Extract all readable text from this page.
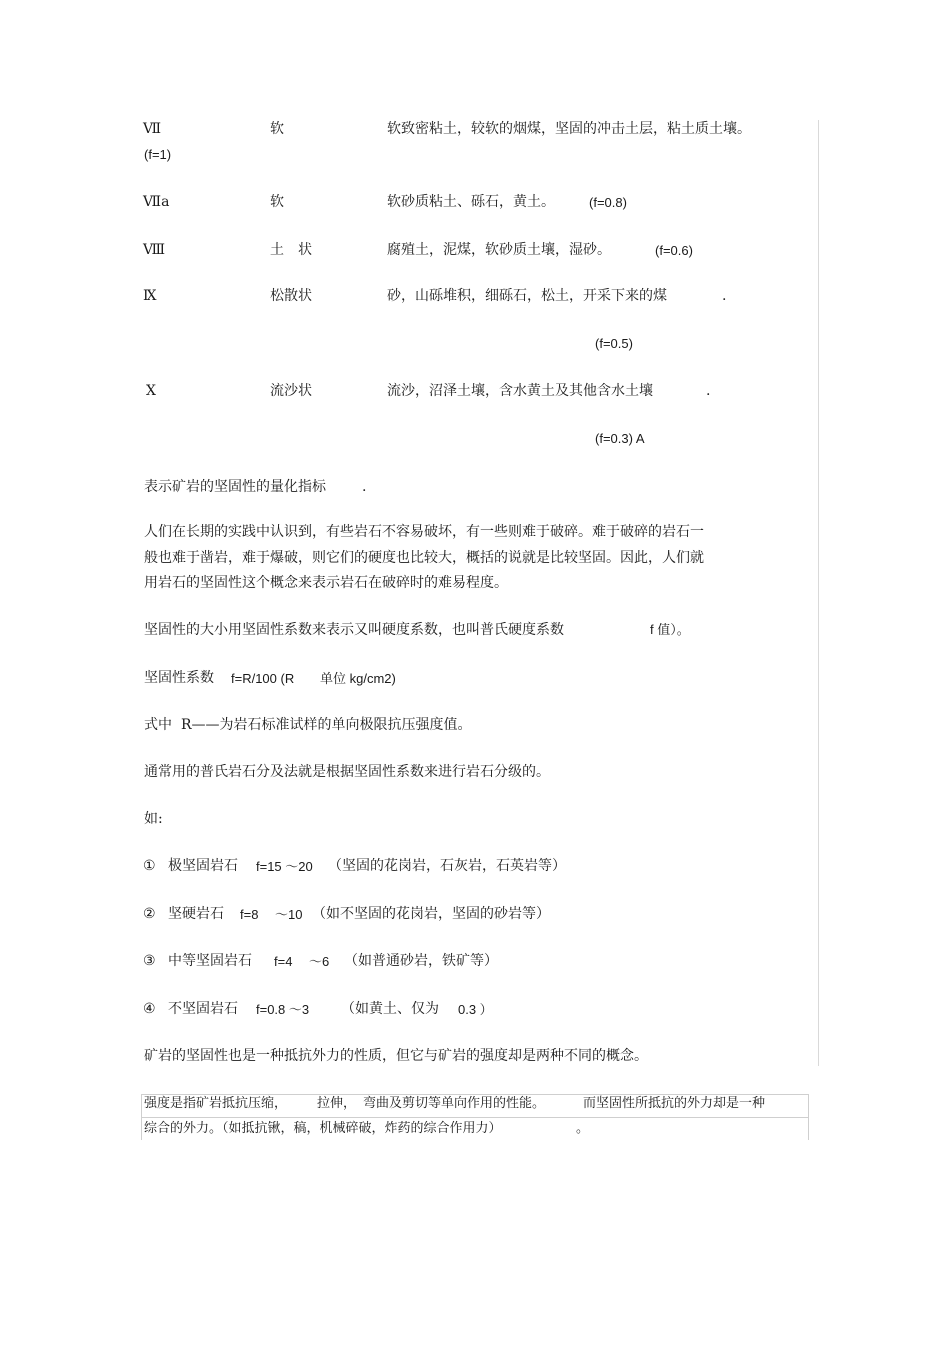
Ⅶ	软	软致密粘土，较软的烟煤，坚固的冲击土层，粘土质土壤。
(f=1)
Ⅶa	软	软砂质粘土、砾石，黄土。	(f=0.8)
Ⅷ	土　状	腐殖土，泥煤，软砂质土壤，湿砂。	(f=0.6)
Ⅸ	松散状	砂，山砾堆积，细砾石，松土，开采下来的煤	.
(f=0.5)
Ⅹ	流沙状	流沙，沼泽土壤，含水黄土及其他含水土壤	.
(f=0.3) A
表示矿岩的坚固性的量化指标	.
人们在长期的实践中认识到，有些岩石不容易破坏，有一些则难于破碎。难于破碎的岩石一
般也难于凿岩，难于爆破，则它们的硬度也比较大，概括的说就是比较坚固。因此，人们就
用岩石的坚固性这个概念来表示岩石在破碎时的难易程度。
坚固性的大小用坚固性系数来表示又叫硬度系数，也叫普氏硬度系数	f 值）。
坚固性系数 f=R/100 (R 单位 kg/cm2)
式中 R——为岩石标准试样的单向极限抗压强度值。
通常用的普氏岩石分及法就是根据坚固性系数来进行岩石分级的。
如:
① 极坚固岩石 f=15 ～20 （坚固的花岗岩，石灰岩，石英岩等）
② 坚硬岩石 f=8 　～10 （如不坚固的花岗岩，坚固的砂岩等）
③ 中等坚固岩石 f=4 　～6 （如普通砂岩，铁矿等）
④ 不坚固岩石 f=0.8 ～3 （如黄土、仅为 0.3 ）
矿岩的坚固性也是一种抵抗外力的性质，但它与矿岩的强度却是两种不同的概念。
强度是指矿岩抵抗压缩， 拉伸， 弯曲及剪切等单向作用的性能。	而坚固性所抵抗的外力却是一种
综合的外力。（如抵抗锹，稿，机械碎破，炸药的综合作用力）	。
